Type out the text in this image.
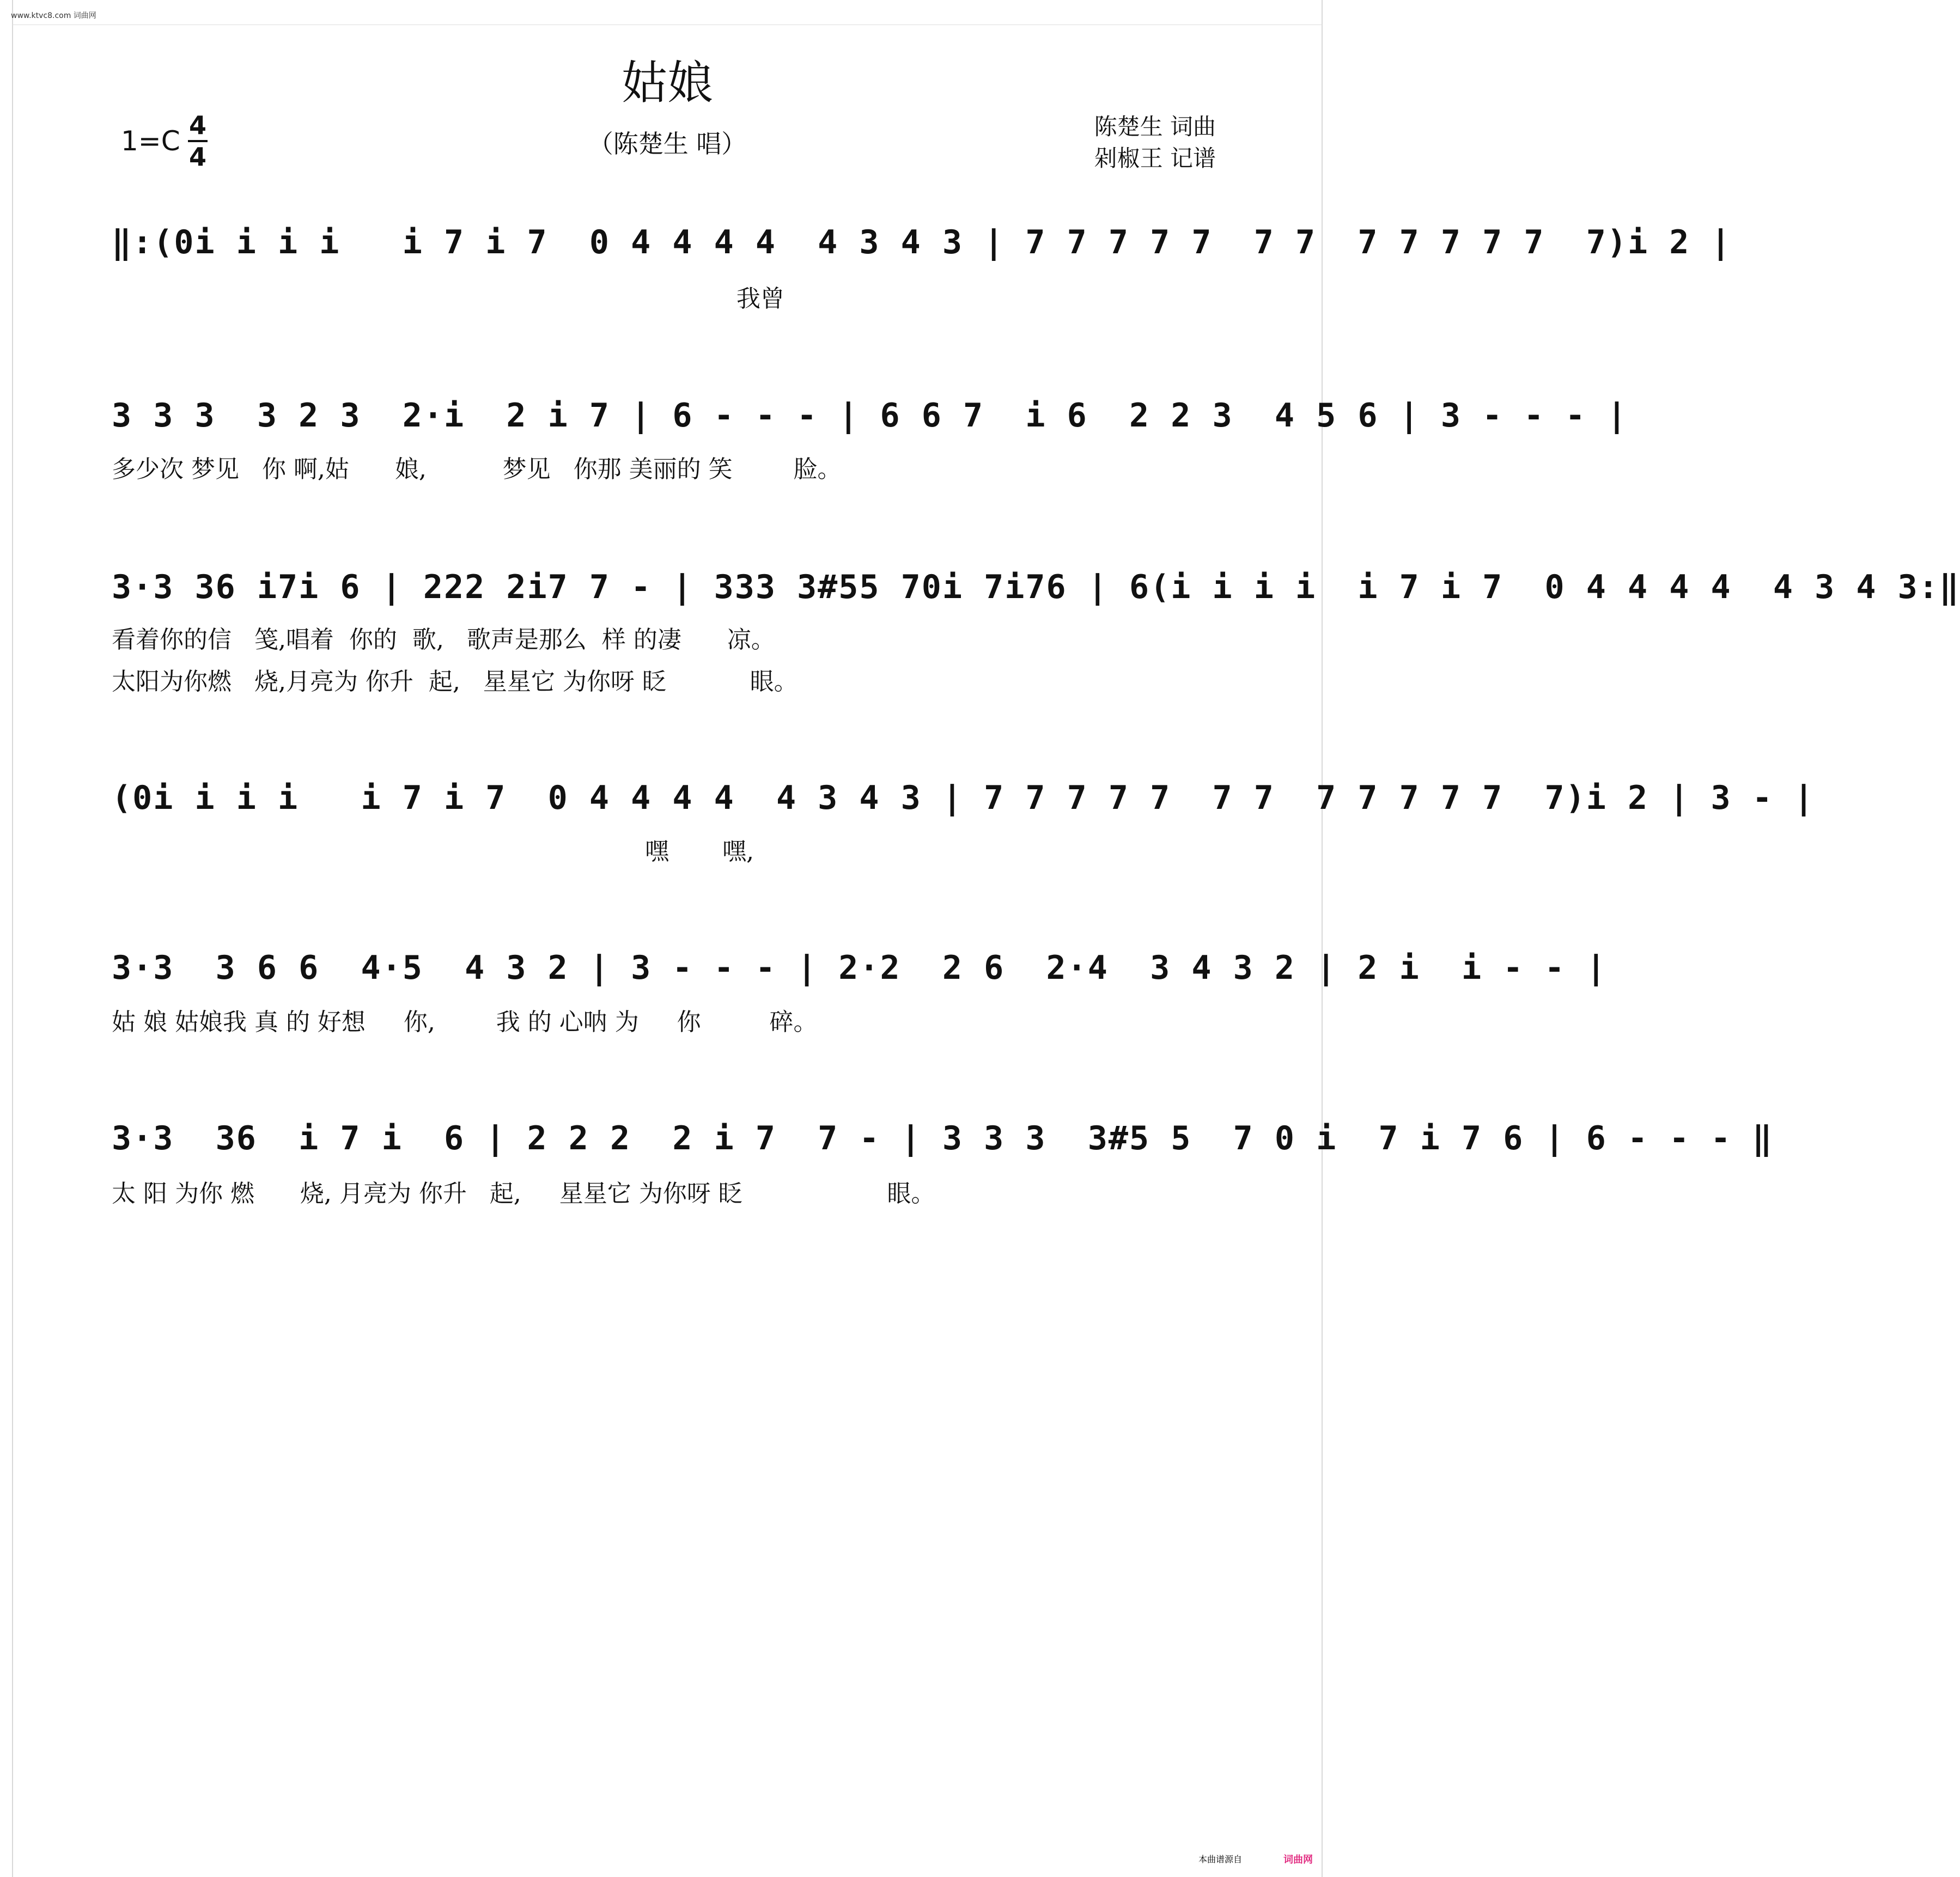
www.ktvc8.com 词曲网
姑娘
1=C 4
4	（陈楚生 唱）
陈楚生 词曲
剁椒王 记谱
‖:(0i i i i   i 7 i 7  0 4 4 4 4  4 3 4 3 | 7 7 7 7 7  7 7  7 7 7 7 7  7)i 2 |
我曾
3 3 3  3 2 3  2·i  2 i 7 | 6 - - - | 6 6 7  i 6  2 2 3  4 5 6 | 3 - - - |
多少次 梦见   你 啊,姑      娘,          梦见   你那 美丽的 笑        脸。
3·3 36 i7i 6 | 222 2i7 7 - | 333 3#55 70i 7i76 | 6(i i i i  i 7 i 7  0 4 4 4 4  4 3 4 3:‖
看着你的信   笺,唱着  你的  歌,   歌声是那么  样 的凄      凉。
太阳为你燃   烧,月亮为 你升  起,   星星它 为你呀 眨           眼。
(0i i i i   i 7 i 7  0 4 4 4 4  4 3 4 3 | 7 7 7 7 7  7 7  7 7 7 7 7  7)i 2 | 3 - |
嘿       嘿,
3·3  3 6 6  4·5  4 3 2 | 3 - - - | 2·2  2 6  2·4  3 4 3 2 | 2 i  i - - |
姑 娘 姑娘我 真 的 好想     你,        我 的 心呐 为     你         碎。
3·3  36  i 7 i  6 | 2 2 2  2 i 7  7 - | 3 3 3  3#5 5  7 0 i  7 i 7 6 | 6 - - - ‖
太 阳 为你 燃      烧, 月亮为 你升   起,     星星它 为你呀 眨                   眼。
本曲谱源自	词曲网
